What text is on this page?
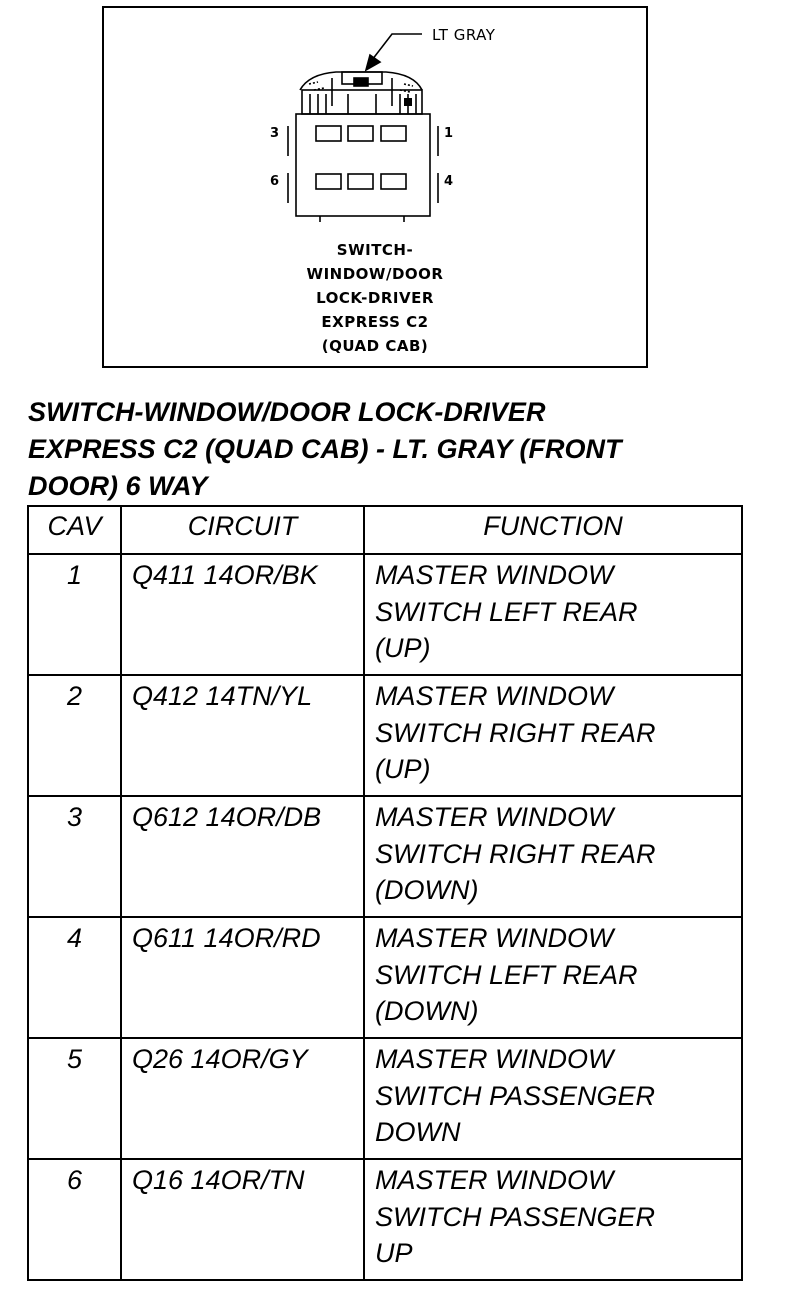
LT GRAY
3	1
6	4
SWITCH-
WINDOW/DOOR
LOCK-DRIVER
EXPRESS C2
(QUAD CAB)
SWITCH-WINDOW/DOOR LOCK-DRIVER
EXPRESS C2 (QUAD CAB) - LT. GRAY (FRONT
DOOR) 6 WAY
CAV	CIRCUIT	FUNCTION
1	Q411 14OR/BK	MASTER WINDOW
SWITCH LEFT REAR
(UP)

2	Q412 14TN/YL	MASTER WINDOW
SWITCH RIGHT REAR
(UP)

3	Q612 14OR/DB	MASTER WINDOW
SWITCH RIGHT REAR
(DOWN)

4	Q611 14OR/RD	MASTER WINDOW
SWITCH LEFT REAR
(DOWN)

5	Q26 14OR/GY	MASTER WINDOW
SWITCH PASSENGER
DOWN

6	Q16 14OR/TN	MASTER WINDOW
SWITCH PASSENGER
UP
